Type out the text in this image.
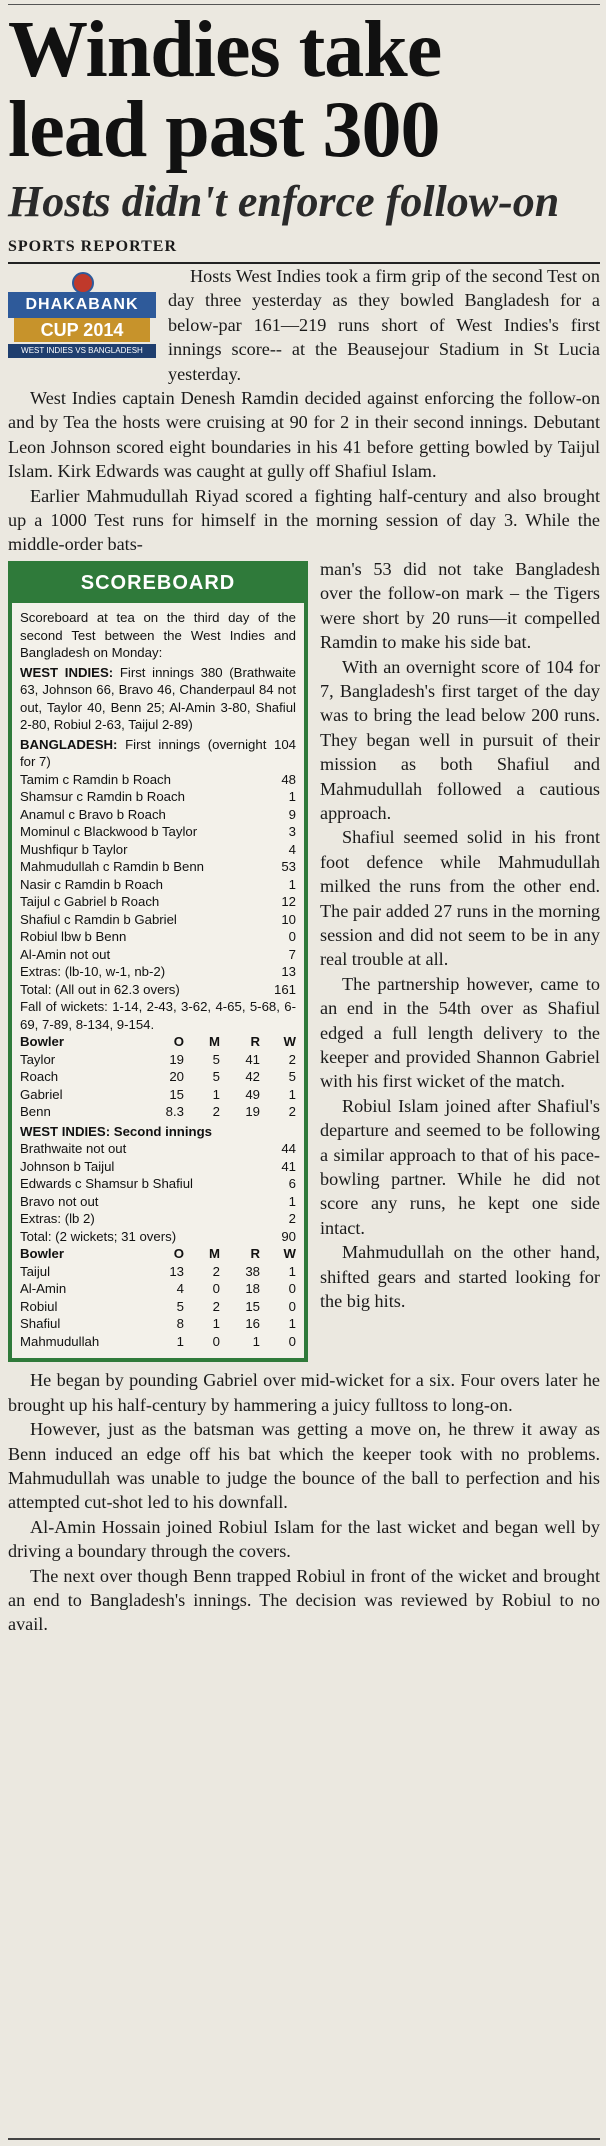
Windies take
lead past 300
Hosts didn't enforce follow-on
SPORTS REPORTER
DHAKABANK
CUP 2014
WEST INDIES VS BANGLADESH

Hosts West Indies took a firm grip of the second Test on day three yesterday as they bowled Bangladesh for a below-par 161—219 runs short of West Indies's first innings score-- at the Beausejour Stadium in St Lucia yesterday.

West Indies captain Denesh Ramdin decided against enforcing the follow-on and by Tea the hosts were cruising at 90 for 2 in their second innings. Debutant Leon Johnson scored eight boundaries in his 41 before getting bowled by Taijul Islam. Kirk Edwards was caught at gully off Shafiul Islam.

Earlier Mahmudullah Riyad scored a fighting half-century and also brought up a 1000 Test runs for himself in the morning session of day 3. While the middle-order bats-

SCOREBOARD
Scoreboard at tea on the third day of the second Test between the West Indies and Bangladesh on Monday:
WEST INDIES: First innings 380 (Brathwaite 63, Johnson 66, Bravo 46, Chanderpaul 84 not out, Taylor 40, Benn 25; Al-Amin 3-80, Shafiul 2-80, Robiul 2-63, Taijul 2-89)
BANGLADESH: First innings (overnight 104 for 7)
Tamim c Ramdin b Roach	48
Shamsur c Ramdin b Roach	1
Anamul c Bravo b Roach	9
Mominul c Blackwood b Taylor	3
Mushfiqur b Taylor	4
Mahmudullah c Ramdin b Benn	53
Nasir c Ramdin b Roach	1
Taijul c Gabriel b Roach	12
Shafiul c Ramdin b Gabriel	10
Robiul lbw b Benn	0
Al-Amin not out	7
Extras: (lb-10, w-1, nb-2)	13
Total: (All out in 62.3 overs)	161
Fall of wickets: 1-14, 2-43, 3-62, 4-65, 5-68, 6-69, 7-89, 8-134, 9-154.
Bowler	O	M	R	W
Taylor	19	5	41	2
Roach	20	5	42	5
Gabriel	15	1	49	1
Benn	8.3	2	19	2
WEST INDIES: Second innings
Brathwaite not out	44
Johnson b Taijul	41
Edwards c Shamsur b Shafiul	6
Bravo not out	1
Extras: (lb 2)	2
Total: (2 wickets; 31 overs)	90
Bowler	O	M	R	W
Taijul	13	2	38	1
Al-Amin	4	0	18	0
Robiul	5	2	15	0
Shafiul	8	1	16	1
Mahmudullah	1	0	1	0

man's 53 did not take Bangladesh over the follow-on mark – the Tigers were short by 20 runs—it compelled Ramdin to make his side bat.

With an overnight score of 104 for 7, Bangladesh's first target of the day was to bring the lead below 200 runs. They began well in pursuit of their mission as both Shafiul and Mahmudullah followed a cautious approach.

Shafiul seemed solid in his front foot defence while Mahmudullah milked the runs from the other end. The pair added 27 runs in the morning session and did not seem to be in any real trouble at all.

The partnership however, came to an end in the 54th over as Shafiul edged a full length delivery to the keeper and provided Shannon Gabriel with his first wicket of the match.

Robiul Islam joined after Shafiul's departure and seemed to be following a similar approach to that of his pace-bowling partner. While he did not score any runs, he kept one side intact.

Mahmudullah on the other hand, shifted gears and started looking for the big hits.

He began by pounding Gabriel over mid-wicket for a six. Four overs later he brought up his half-century by hammering a juicy fulltoss to long-on.

However, just as the batsman was getting a move on, he threw it away as Benn induced an edge off his bat which the keeper took with no problems. Mahmudullah was unable to judge the bounce of the ball to perfection and his attempted cut-shot led to his downfall.

Al-Amin Hossain joined Robiul Islam for the last wicket and began well by driving a boundary through the covers.

The next over though Benn trapped Robiul in front of the wicket and brought an end to Bangladesh's innings. The decision was reviewed by Robiul to no avail.
